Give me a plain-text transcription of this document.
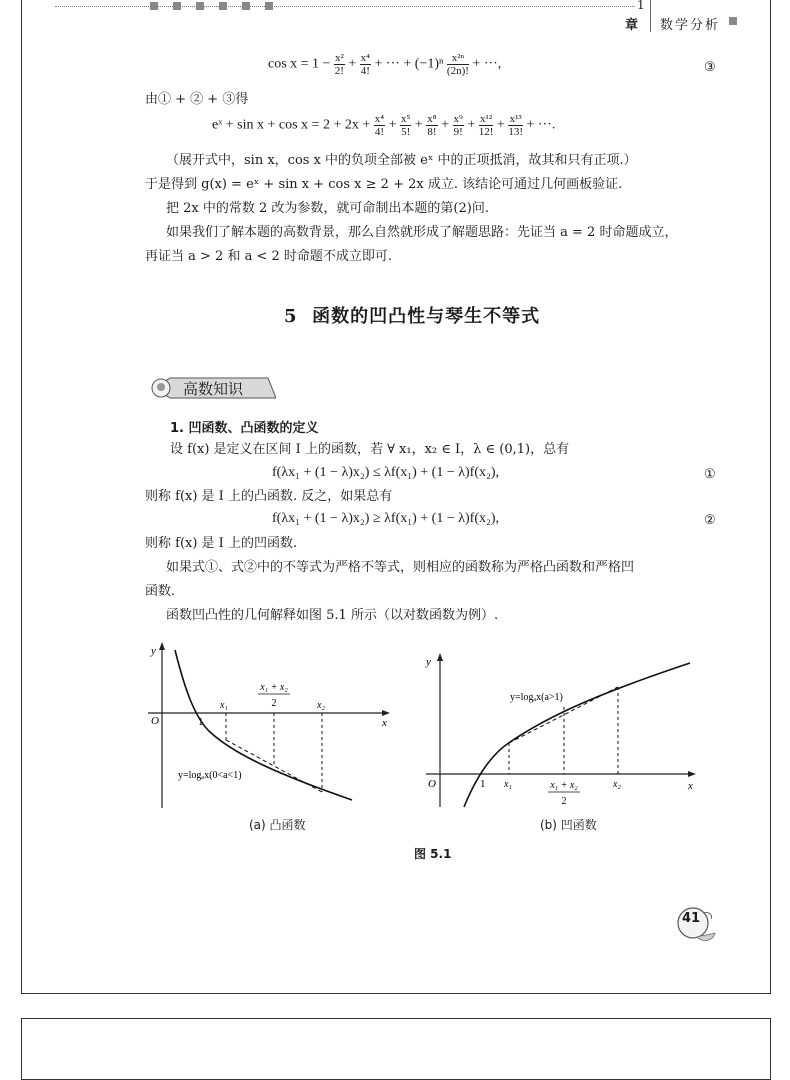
1
章 数学分析
$\cos x = 1 - \frac{\text{x²}}{2!} + \frac{\text{x⁴}}{4!}$ + ··· + $(-1)^n \frac{\text{x²ⁿ}}{(2n)!}$ + ···,	③
由① + ② + ③得
eˣ + $\sin x + \cos x = 2 + 2x + \frac{\text{x⁴}}{4!} + \frac{\text{x⁵}}{5!} + \frac{\text{x⁸}}{8!} + \frac{\text{x⁹}}{9!} + \frac{\text{x¹²}}{12!} + \frac{\text{x¹³}}{13!}$ + ···.
（展开式中，sin x，cos x 中的负项全部被 eˣ 中的正项抵消，故其和只有正项.）
于是得到 g(x) = eˣ + sin x + cos x ≥ 2 + 2x 成立. 该结论可通过几何画板验证.
把 2x 中的常数 2 改为参数，就可命制出本题的第(2)问.
如果我们了解本题的高数背景，那么自然就形成了解题思路：先证当 a = 2 时命题成立，
再证当 a > 2 和 a < 2 时命题不成立即可.
5 函数的凹凸性与琴生不等式
高数知识
1. 凹函数、凸函数的定义
设 f(x) 是定义在区间 I 上的函数，若 ∀ x₁，x₂ ∈ I，λ ∈ (0,1)，总有
f(λx₁ + (1 − λ)x₂) ≤ λf(x₁) + (1 − λ)f(x₂),	①
则称 f(x) 是 I 上的凸函数. 反之，如果总有
f(λx₁ + (1 − λ)x₂) ≥ λf(x₁) + (1 − λ)f(x₂),	②
则称 f(x) 是 I 上的凹函数.
如果式①、式②中的不等式为严格不等式，则相应的函数称为严格凸函数和严格凹
函数.
函数凹凸性的几何解释如图 5.1 所示（以对数函数为例）.
y
x
O	1
x₁	x₂
x₁ + x₂
2
y=logₐx(0<a<1)
(a) 凸函数
y
x
O	1 x₁	x₂
x₁ + x₂
2
y=logₐx(a>1)
(b) 凹函数
图 5.1
41
